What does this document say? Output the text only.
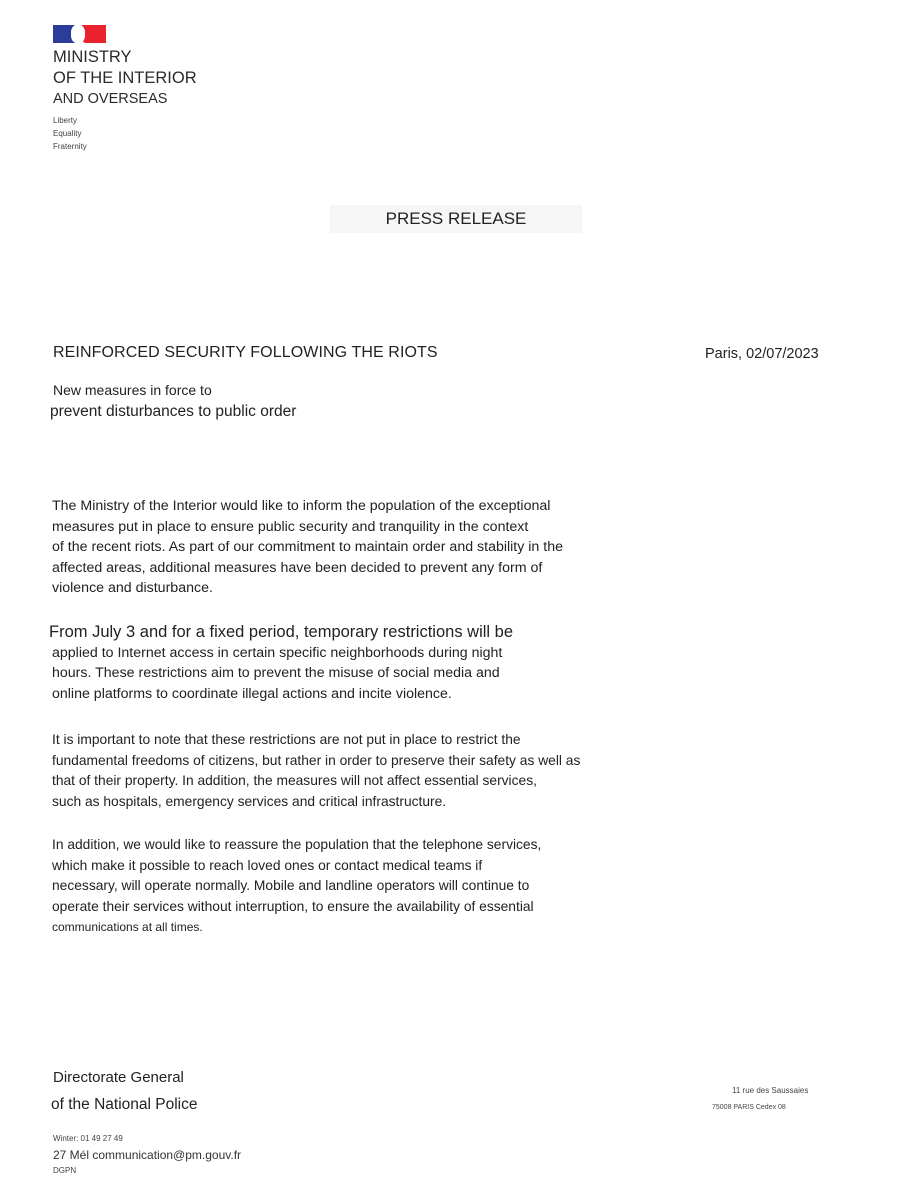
MINISTRY
OF THE INTERIOR
AND OVERSEAS
Liberty
Equality
Fraternity
PRESS RELEASE
REINFORCED SECURITY FOLLOWING THE RIOTS	Paris, 02/07/2023
New measures in force to
prevent disturbances to public order
The Ministry of the Interior would like to inform the population of the exceptional
measures put in place to ensure public security and tranquility in the context
of the recent riots. As part of our commitment to maintain order and stability in the
affected areas, additional measures have been decided to prevent any form of
violence and disturbance.
From July 3 and for a fixed period, temporary restrictions will be
applied to Internet access in certain specific neighborhoods during night
hours. These restrictions aim to prevent the misuse of social media and
online platforms to coordinate illegal actions and incite violence.
It is important to note that these restrictions are not put in place to restrict the
fundamental freedoms of citizens, but rather in order to preserve their safety as well as
that of their property. In addition, the measures will not affect essential services,
such as hospitals, emergency services and critical infrastructure.
In addition, we would like to reassure the population that the telephone services,
which make it possible to reach loved ones or contact medical teams if
necessary, will operate normally. Mobile and landline operators will continue to
operate their services without interruption, to ensure the availability of essential
communications at all times.
Directorate General
of the National Police
Winter: 01 49 27 49
27 Mél communication@pm.gouv.fr
DGPN
11 rue des Saussaies
75008 PARIS Cedex 08
